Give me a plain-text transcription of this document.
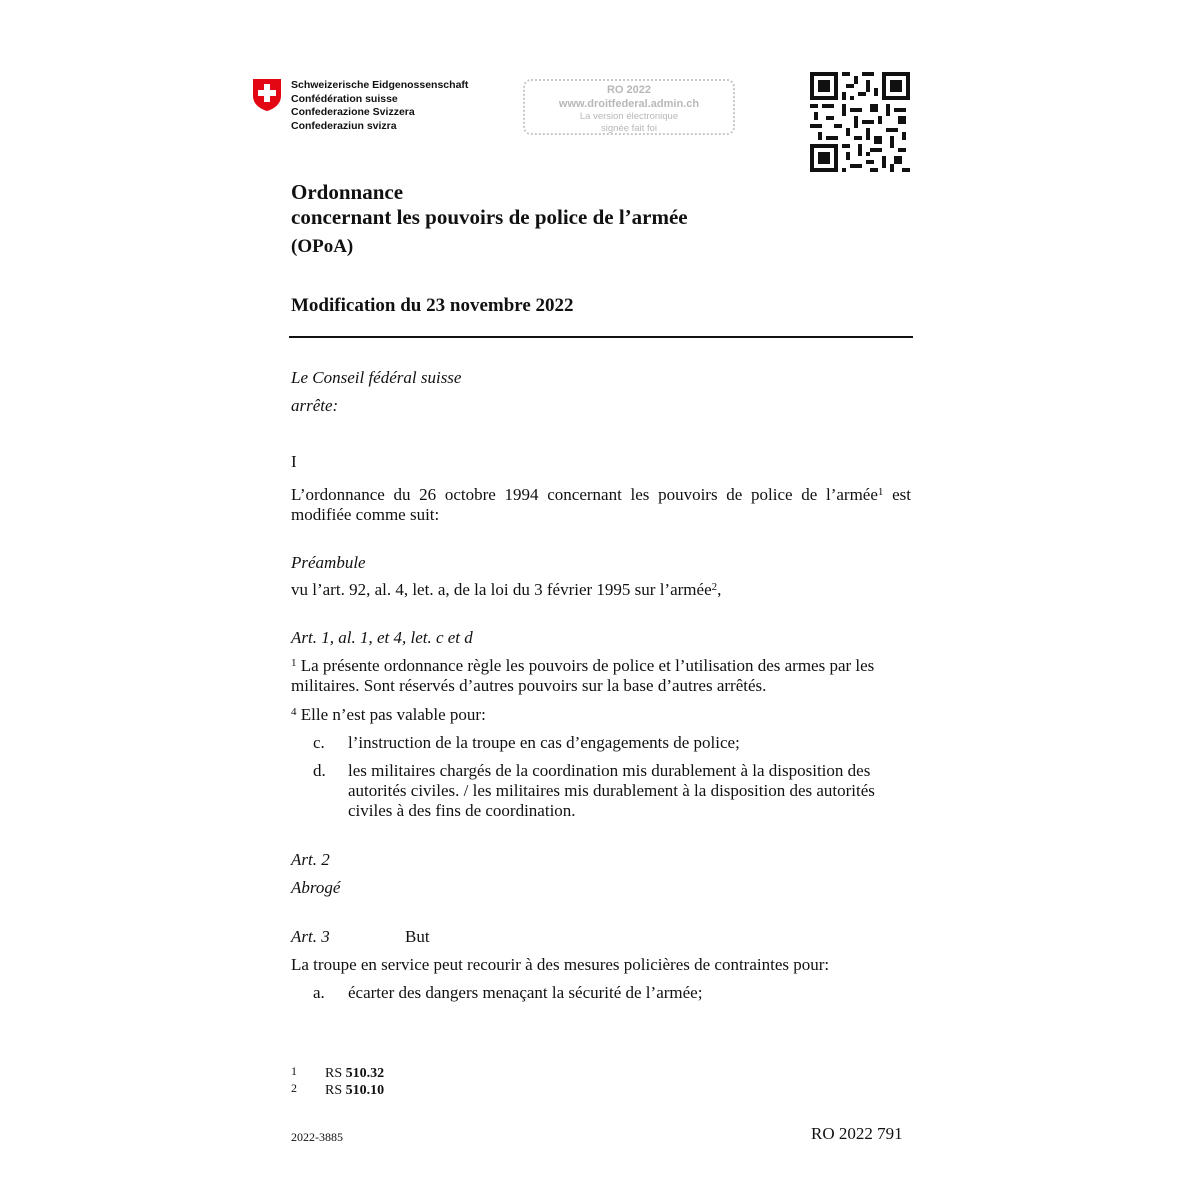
Schweizerische Eidgenossenschaft
Confédération suisse
Confederazione Svizzera
Confederaziun svizra
RO 2022
www.droitfederal.admin.ch
La version électronique
signée fait foi
Ordonnance
concernant les pouvoirs de police de l’armée
(OPoA)
Modification du 23 novembre 2022
Le Conseil fédéral suisse
arrête:
I
L’ordonnance du 26 octobre 1994 concernant les pouvoirs de police de l’armée$^1$ est modifiée comme suit:
Préambule
vu l’art. 92, al. 4, let. a, de la loi du 3 février 1995 sur l’armée$^2$,
Art. 1, al. 1, et 4, let. c et d
$^1$ La présente ordonnance règle les pouvoirs de police et l’utilisation des armes par les militaires. Sont réservés d’autres pouvoirs sur la base d’autres arrêtés.
$^4$ Elle n’est pas valable pour:
c. l’instruction de la troupe en cas d’engagements de police;
d. les militaires chargés de la coordination mis durablement à la disposition des autorités civiles. / les militaires mis durablement à la disposition des autorités civiles à des fins de coordination.
Art. 2
Abrogé
Art. 3	But
La troupe en service peut recourir à des mesures policières de contraintes pour:
a. écarter des dangers menaçant la sécurité de l’armée;
1 RS 510.32
2 RS 510.10
2022-3885	RO 2022 791
